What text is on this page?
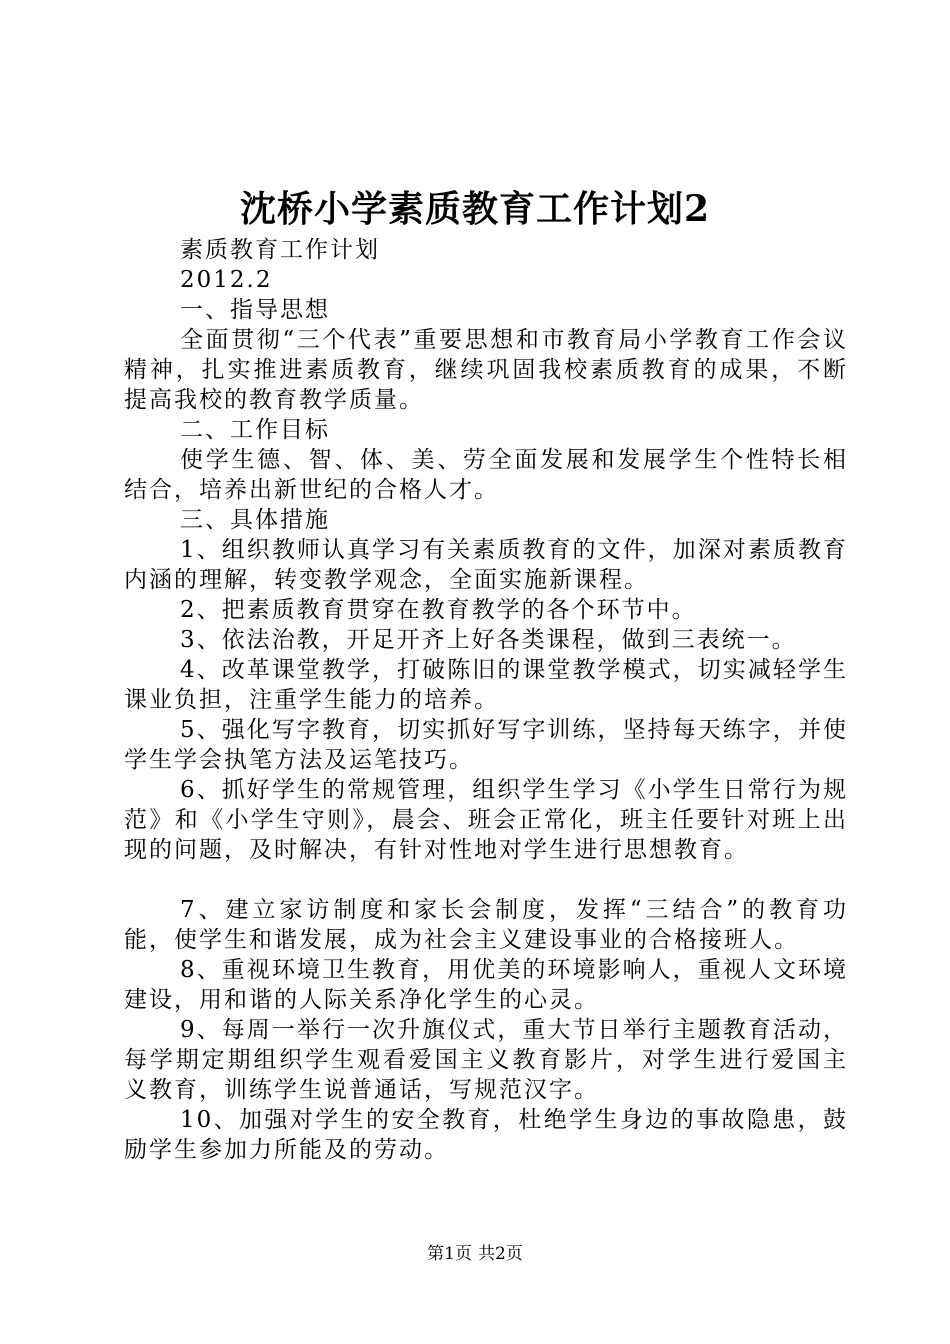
沈桥小学素质教育工作计划2

素质教育工作计划

2012.2

一、指导思想

全面贯彻“三个代表”重要思想和市教育局小学教育工作会议精神，扎实推进素质教育，继续巩固我校素质教育的成果，不断提高我校的教育教学质量。

二、工作目标

使学生德、智、体、美、劳全面发展和发展学生个性特长相结合，培养出新世纪的合格人才。

三、具体措施

1、组织教师认真学习有关素质教育的文件，加深对素质教育内涵的理解，转变教学观念，全面实施新课程。

2、把素质教育贯穿在教育教学的各个环节中。

3、依法治教，开足开齐上好各类课程，做到三表统一。

4、改革课堂教学，打破陈旧的课堂教学模式，切实减轻学生课业负担，注重学生能力的培养。

5、强化写字教育，切实抓好写字训练，坚持每天练字，并使学生学会执笔方法及运笔技巧。

6、抓好学生的常规管理，组织学生学习《小学生日常行为规范》和《小学生守则》，晨会、班会正常化，班主任要针对班上出现的问题，及时解决，有针对性地对学生进行思想教育。

7、建立家访制度和家长会制度，发挥“三结合”的教育功能，使学生和谐发展，成为社会主义建设事业的合格接班人。

8、重视环境卫生教育，用优美的环境影响人，重视人文环境建设，用和谐的人际关系净化学生的心灵。

9、每周一举行一次升旗仪式，重大节日举行主题教育活动，每学期定期组织学生观看爱国主义教育影片，对学生进行爱国主义教育，训练学生说普通话，写规范汉字。

10、加强对学生的安全教育，杜绝学生身边的事故隐患，鼓励学生参加力所能及的劳动。

第1页 共2页
